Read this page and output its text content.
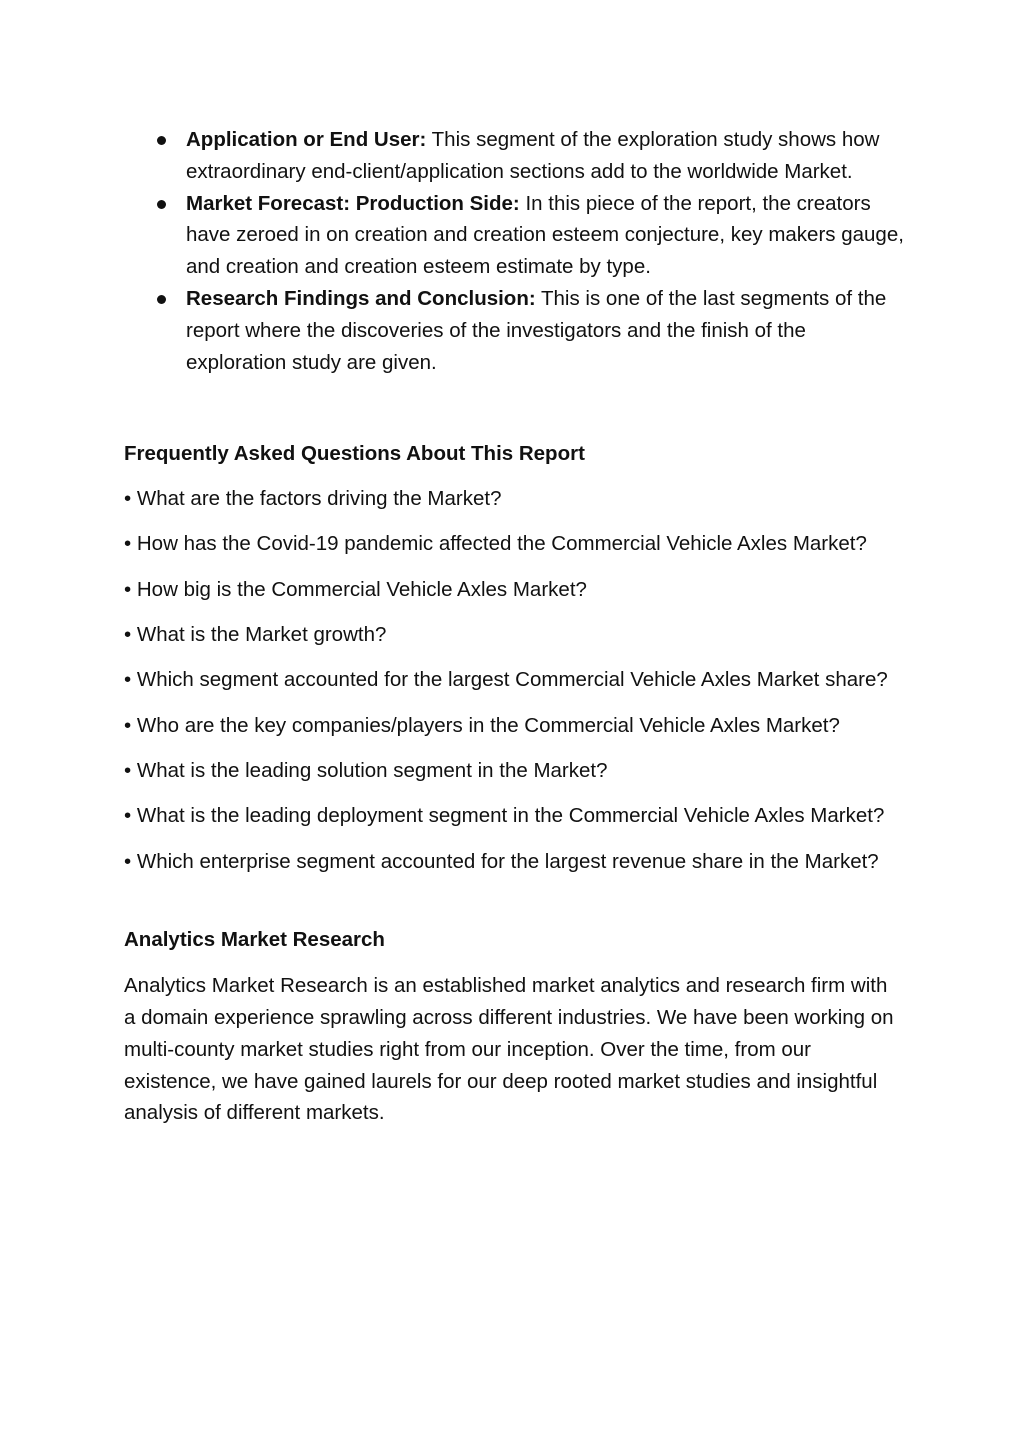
Application or End User: This segment of the exploration study shows how extraordinary end-client/application sections add to the worldwide Market.
Market Forecast: Production Side: In this piece of the report, the creators have zeroed in on creation and creation esteem conjecture, key makers gauge, and creation and creation esteem estimate by type.
Research Findings and Conclusion: This is one of the last segments of the report where the discoveries of the investigators and the finish of the exploration study are given.
Frequently Asked Questions About This Report

• What are the factors driving the Market?

• How has the Covid-19 pandemic affected the Commercial Vehicle Axles Market?

• How big is the Commercial Vehicle Axles Market?

• What is the Market growth?

• Which segment accounted for the largest Commercial Vehicle Axles Market share?

• Who are the key companies/players in the Commercial Vehicle Axles Market?

• What is the leading solution segment in the Market?

• What is the leading deployment segment in the Commercial Vehicle Axles Market?

• Which enterprise segment accounted for the largest revenue share in the Market?

Analytics Market Research

Analytics Market Research is an established market analytics and research firm with a domain experience sprawling across different industries. We have been working on multi-county market studies right from our inception. Over the time, from our existence, we have gained laurels for our deep rooted market studies and insightful analysis of different markets.
